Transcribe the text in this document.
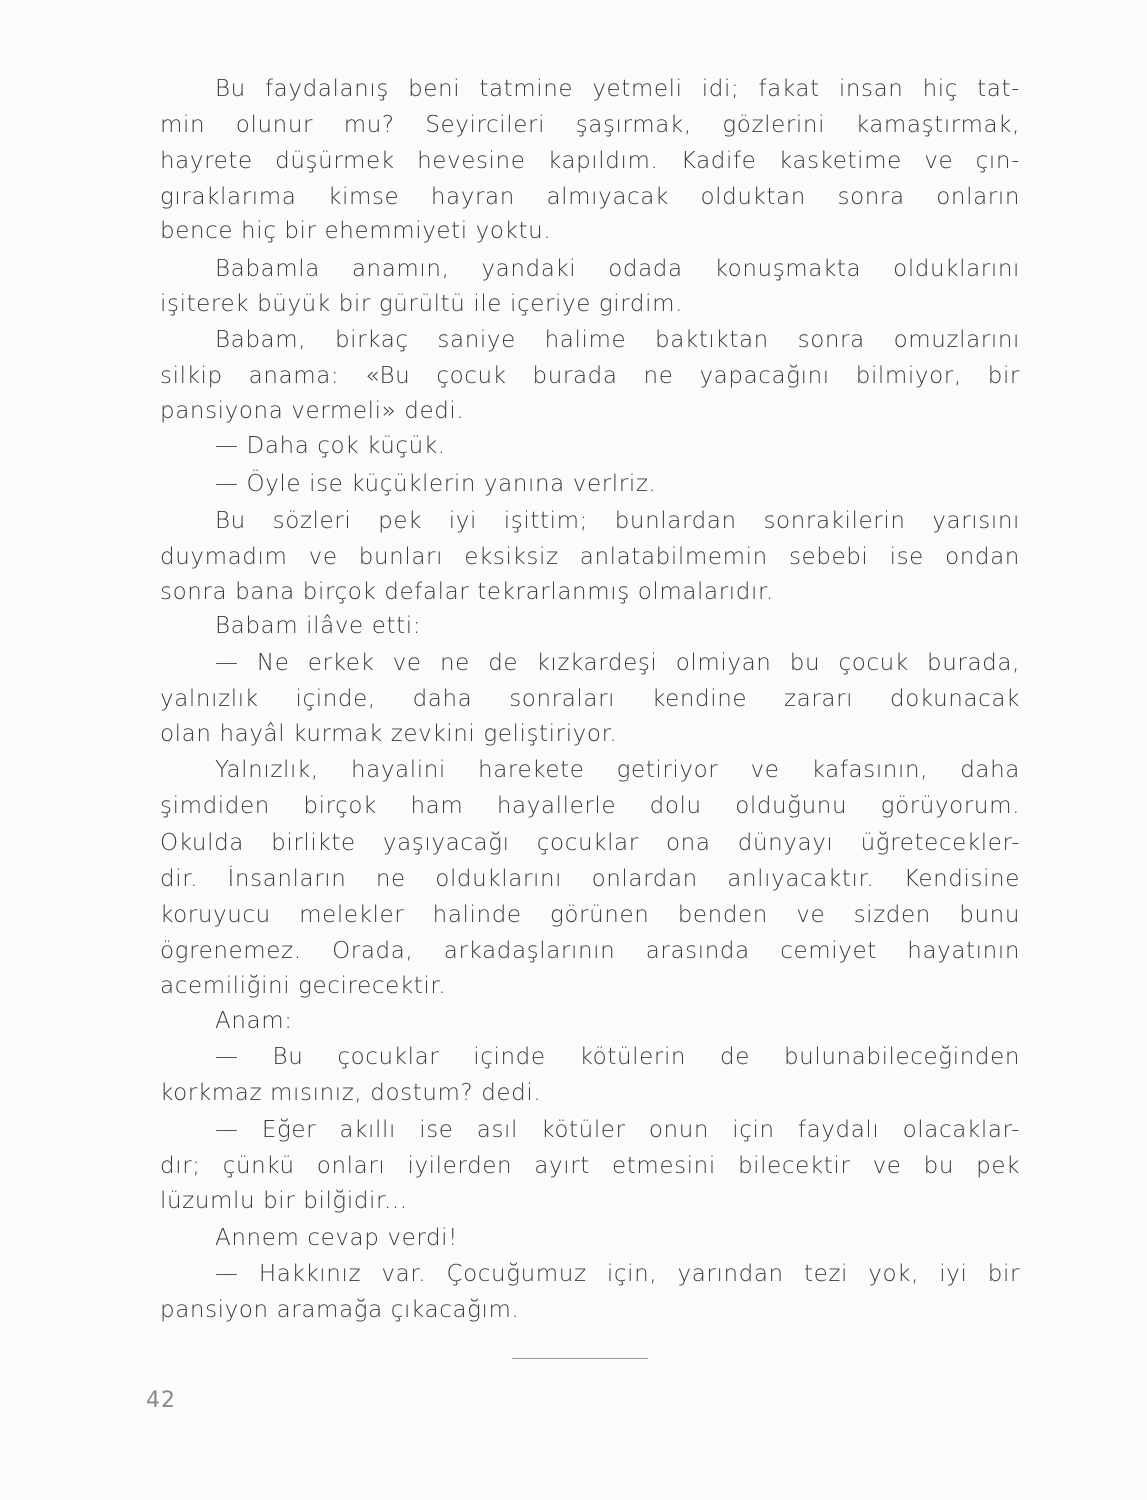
Bu faydalanış beni tatmine yetmeli idi; fakat insan hiç tat-
min olunur mu? Seyircileri şaşırmak, gözlerini kamaştırmak,
hayrete düşürmek hevesine kapıldım. Kadife kasketime ve çın-
gıraklarıma kimse hayran almıyacak olduktan sonra onların
bence hiç bir ehemmiyeti yoktu.
Babamla anamın, yandaki odada konuşmakta olduklarını
işiterek büyük bir gürültü ile içeriye girdim.
Babam, birkaç saniye halime baktıktan sonra omuzlarını
silkip anama: «Bu çocuk burada ne yapacağını bilmiyor, bir
pansiyona vermeli» dedi.
— Daha çok küçük.
— Öyle ise küçüklerin yanına verlriz.
Bu sözleri pek iyi işittim; bunlardan sonrakilerin yarısını
duymadım ve bunları eksiksiz anlatabilmemin sebebi ise ondan
sonra bana birçok defalar tekrarlanmış olmalarıdır.
Babam ilâve etti:
— Ne erkek ve ne de kızkardeşi olmiyan bu çocuk burada,
yalnızlık içinde, daha sonraları kendine zararı dokunacak
olan hayâl kurmak zevkini geliştiriyor.
Yalnızlık, hayalini harekete getiriyor ve kafasının, daha
şimdiden birçok ham hayallerle dolu olduğunu görüyorum.
Okulda birlikte yaşıyacağı çocuklar ona dünyayı üğretecekler-
dir. İnsanların ne olduklarını onlardan anlıyacaktır. Kendisine
koruyucu melekler halinde görünen benden ve sizden bunu
ögrenemez. Orada, arkadaşlarının arasında cemiyet hayatının
acemiliğini gecirecektir.
Anam:
— Bu çocuklar içinde kötülerin de bulunabileceğinden
korkmaz mısınız, dostum? dedi.
— Eğer akıllı ise asıl kötüler onun için faydalı olacaklar-
dır; çünkü onları iyilerden ayırt etmesini bilecektir ve bu pek
lüzumlu bir bilğidir...
Annem cevap verdi!
— Hakkınız var. Çocuğumuz için, yarından tezi yok, iyi bir
pansiyon aramağa çıkacağım.
42
